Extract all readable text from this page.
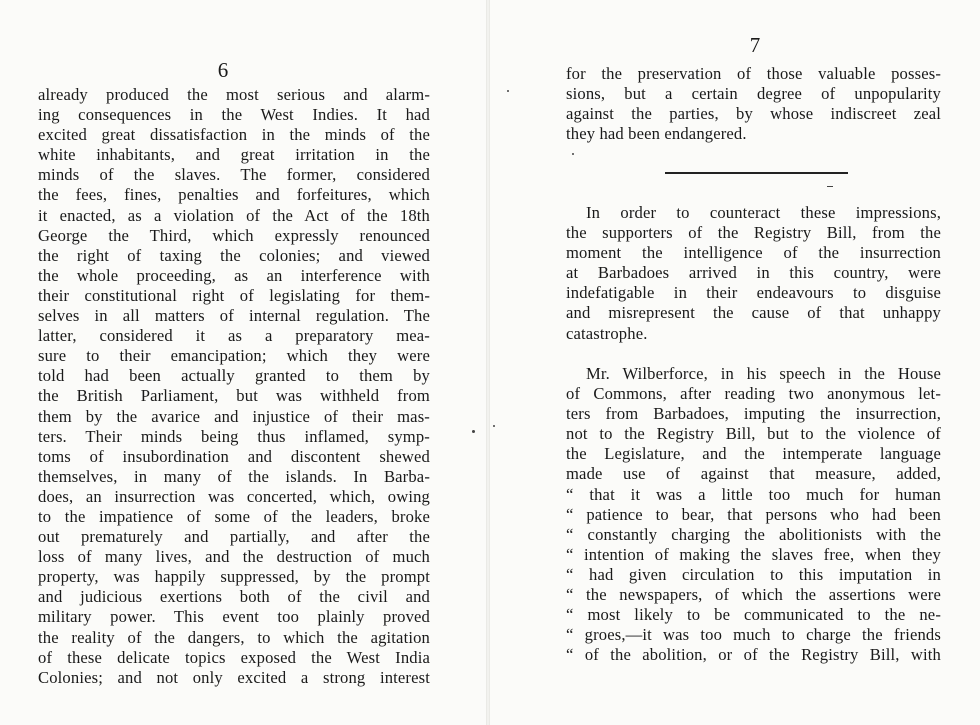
6
7
already produced the most serious and alarm-
ing consequences in the West Indies. It had
excited great dissatisfaction in the minds of the
white inhabitants, and great irritation in the
minds of the slaves. The former, considered
the fees, fines, penalties and forfeitures, which
it enacted, as a violation of the Act of the 18th
George the Third, which expressly renounced
the right of taxing the colonies; and viewed
the whole proceeding, as an interference with
their constitutional right of legislating for them-
selves in all matters of internal regulation. The
latter, considered it as a preparatory mea-
sure to their emancipation; which they were
told had been actually granted to them by
the British Parliament, but was withheld from
them by the avarice and injustice of their mas-
ters. Their minds being thus inflamed, symp-
toms of insubordination and discontent shewed
themselves, in many of the islands. In Barba-
does, an insurrection was concerted, which, owing
to the impatience of some of the leaders, broke
out prematurely and partially, and after the
loss of many lives, and the destruction of much
property, was happily suppressed, by the prompt
and judicious exertions both of the civil and
military power. This event too plainly proved
the reality of the dangers, to which the agitation
of these delicate topics exposed the West India
Colonies; and not only excited a strong interest
for the preservation of those valuable posses-
sions, but a certain degree of unpopularity
against the parties, by whose indiscreet zeal
they had been endangered.
In order to counteract these impressions,
the supporters of the Registry Bill, from the
moment the intelligence of the insurrection
at Barbadoes arrived in this country, were
indefatigable in their endeavours to disguise
and misrepresent the cause of that unhappy
catastrophe.
Mr. Wilberforce, in his speech in the House
of Commons, after reading two anonymous let-
ters from Barbadoes, imputing the insurrection,
not to the Registry Bill, but to the violence of
the Legislature, and the intemperate language
made use of against that measure, added,
“ that it was a little too much for human
“ patience to bear, that persons who had been
“ constantly charging the abolitionists with the
“ intention of making the slaves free, when they
“ had given circulation to this imputation in
“ the newspapers, of which the assertions were
“ most likely to be communicated to the ne-
“ groes,—it was too much to charge the friends
“ of the abolition, or of the Registry Bill, with
